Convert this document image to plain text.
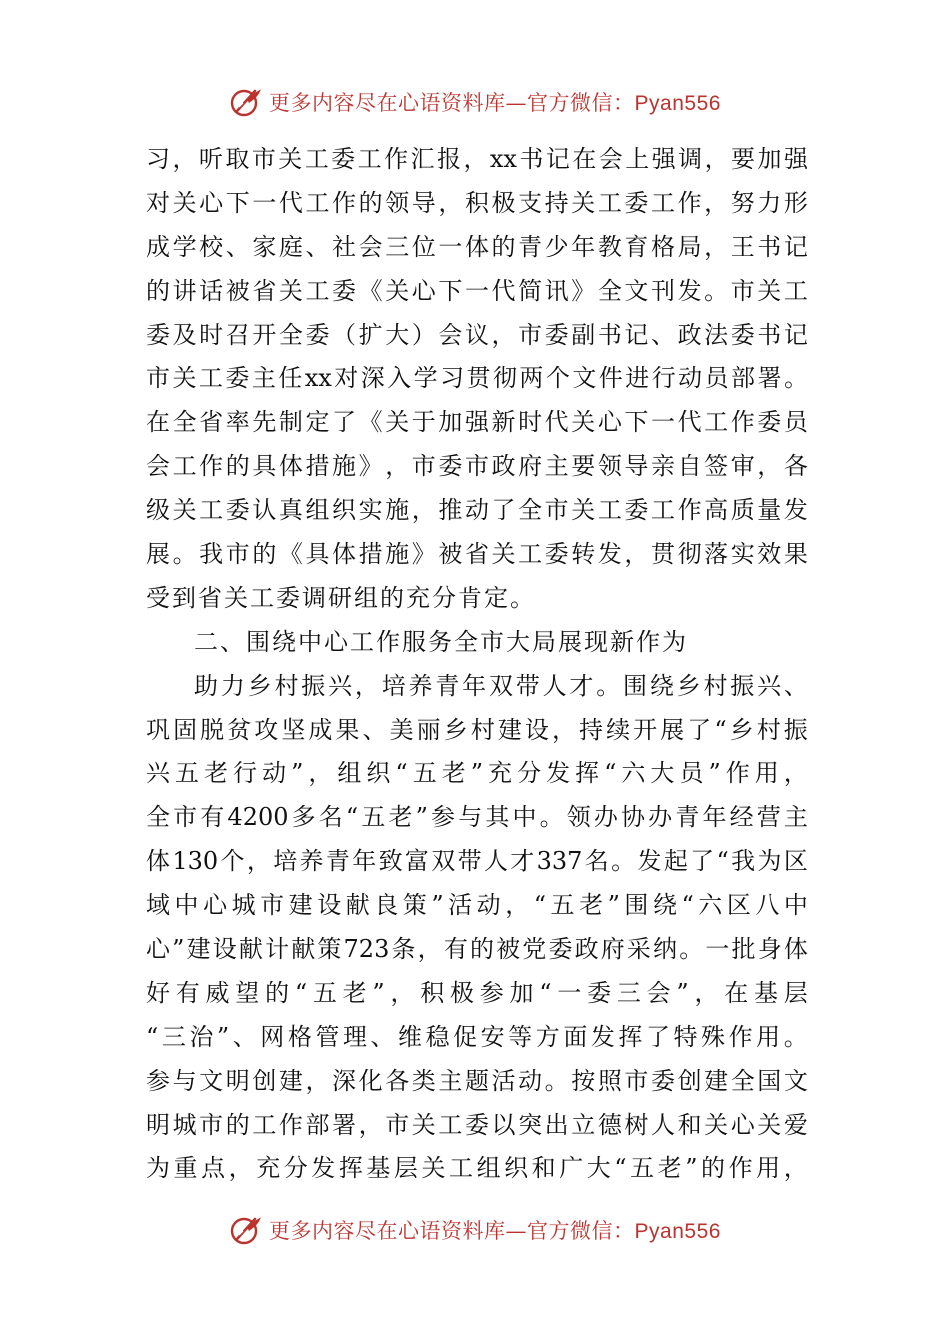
更多内容尽在心语资料库—官方微信：Pyan556
习 ， 听 取 市 关 工 委 工 作 汇 报 ， xx 书 记 在 会 上 强 调 ， 要 加 强
对 关 心 下 一 代 工 作 的 领 导 ， 积 极 支 持 关 工 委 工 作 ， 努 力 形
成 学 校 、 家 庭 、 社 会 三 位 一 体 的 青 少 年 教 育 格 局 ， 王 书 记
的 讲 话 被 省 关 工 委 《 关 心 下 一 代 简 讯 》 全 文 刊 发 。 市 关 工
委 及 时 召 开 全 委 （ 扩 大 ） 会 议 ， 市 委 副 书 记 、 政 法 委 书 记
市 关 工 委 主 任 xx 对 深 入 学 习 贯 彻 两 个 文 件 进 行 动 员 部 署 。
在 全 省 率 先 制 定 了 《 关 于 加 强 新 时 代 关 心 下 一 代 工 作 委 员
会 工 作 的 具 体 措 施 》 ， 市 委 市 政 府 主 要 领 导 亲 自 签 审 ， 各
级 关 工 委 认 真 组 织 实 施 ， 推 动 了 全 市 关 工 委 工 作 高 质 量 发
展 。 我 市 的 《 具 体 措 施 》 被 省 关 工 委 转 发 ， 贯 彻 落 实 效 果
受到省关工委调研组的充分肯定。
二、围绕中心工作服务全市大局展现新作为
助 力 乡 村 振 兴 ， 培 养 青 年 双 带 人 才 。 围 绕 乡 村 振 兴 、
巩 固 脱 贫 攻 坚 成 果 、 美 丽 乡 村 建 设 ， 持 续 开 展 了 “ 乡 村 振
兴 五 老 行 动 ” ， 组 织 “ 五 老 ” 充 分 发 挥 “ 六 大 员 ” 作 用 ，
全 市 有 4200 多 名 “ 五 老 ” 参 与 其 中 。 领 办 协 办 青 年 经 营 主
体 130 个 ， 培 养 青 年 致 富 双 带 人 才 337 名 。 发 起 了 “ 我 为 区
域 中 心 城 市 建 设 献 良 策 ” 活 动 ， “ 五 老 ” 围 绕 “ 六 区 八 中
心 ” 建 设 献 计 献 策 723 条 ， 有 的 被 党 委 政 府 采 纳 。 一 批 身 体
好 有 威 望 的 “ 五 老 ” ， 积 极 参 加 “ 一 委 三 会 ” ， 在 基 层
“ 三 治 ” 、 网 格 管 理 、 维 稳 促 安 等 方 面 发 挥 了 特 殊 作 用 。
参 与 文 明 创 建 ， 深 化 各 类 主 题 活 动 。 按 照 市 委 创 建 全 国 文
明 城 市 的 工 作 部 署 ， 市 关 工 委 以 突 出 立 德 树 人 和 关 心 关 爱
为 重 点 ， 充 分 发 挥 基 层 关 工 组 织 和 广 大 “ 五 老 ” 的 作 用 ，
更多内容尽在心语资料库—官方微信：Pyan556
